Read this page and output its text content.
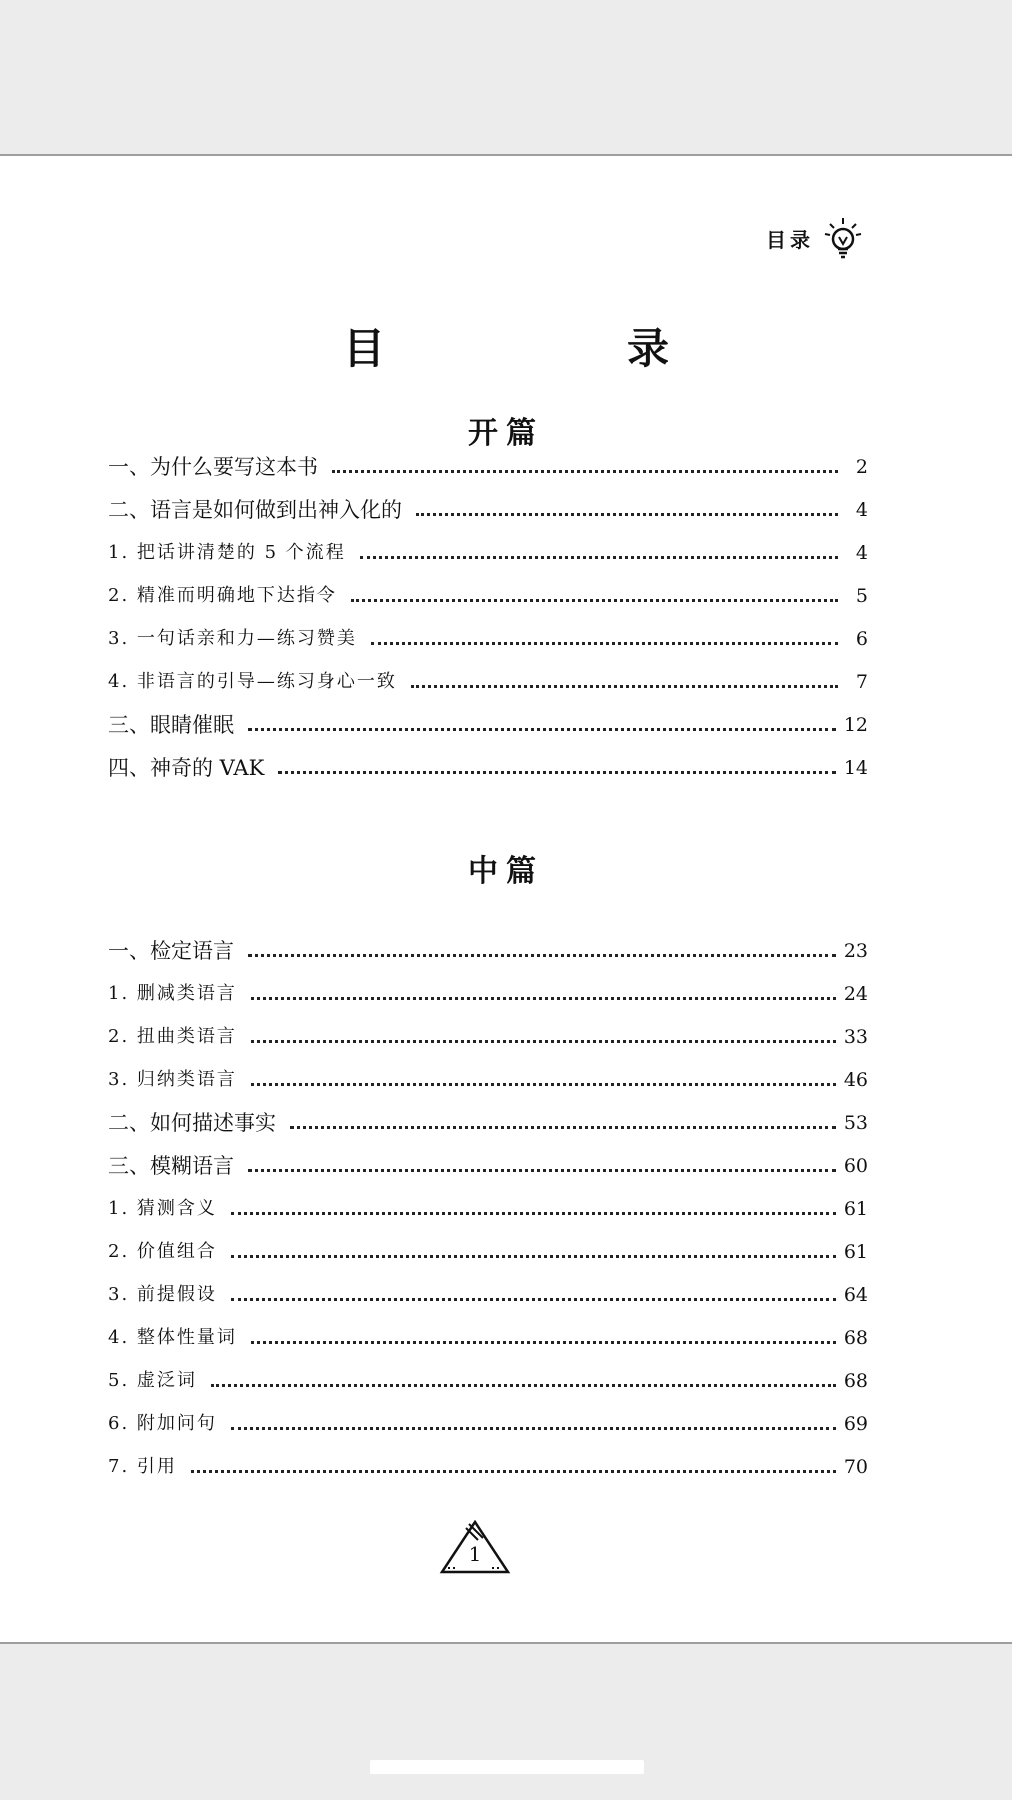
目录
目　录
开篇
一、为什么要写这本书	2
二、语言是如何做到出神入化的	4
1. 把话讲清楚的 5 个流程	4
2. 精准而明确地下达指令	5
3. 一句话亲和力—练习赞美	6
4. 非语言的引导—练习身心一致	7
三、眼睛催眠	12
四、神奇的 VAK	14
中篇
一、检定语言	23
1. 删减类语言	24
2. 扭曲类语言	33
3. 归纳类语言	46
二、如何描述事实	53
三、模糊语言	60
1. 猜测含义	61
2. 价值组合	61
3. 前提假设	64
4. 整体性量词	68
5. 虚泛词	68
6. 附加问句	69
7. 引用	70
1
